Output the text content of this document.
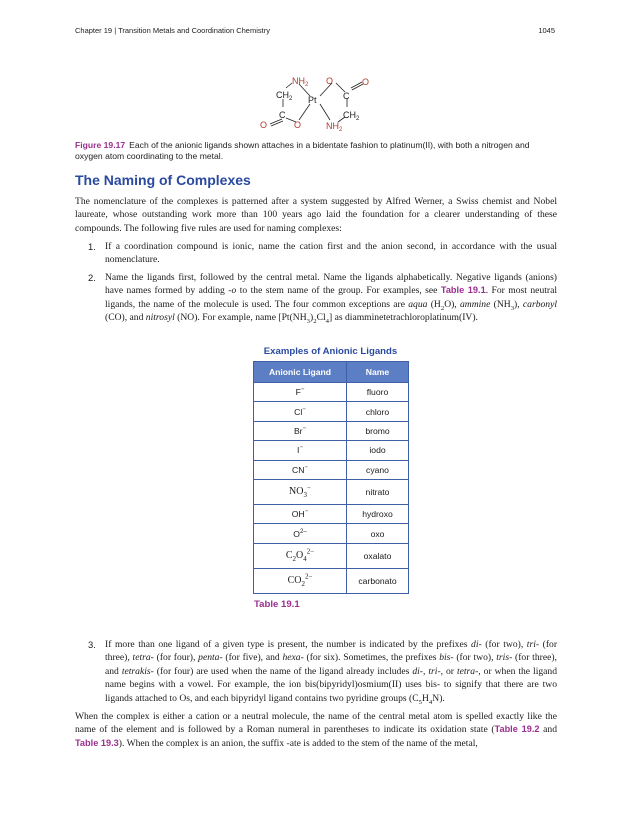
Chapter 19 | Transition Metals and Coordination Chemistry	1045
$NH_2$ O	O
$CH_2$ Pt	C
C
O	O
$CH_2$
$NH_2$
Figure 19.17 Each of the anionic ligands shown attaches in a bidentate fashion to platinum(II), with both a nitrogen and oxygen atom coordinating to the metal.
The Naming of Complexes
The nomenclature of the complexes is patterned after a system suggested by Alfred Werner, a Swiss chemist and Nobel laureate, whose outstanding work more than 100 years ago laid the foundation for a clearer understanding of these compounds. The following five rules are used for naming complexes:
1. If a coordination compound is ionic, name the cation first and the anion second, in accordance with the usual nomenclature.
2. Name the ligands first, followed by the central metal. Name the ligands alphabetically. Negative ligands (anions) have names formed by adding -o to the stem name of the group. For examples, see Table 19.1. For most neutral ligands, the name of the molecule is used. The four common exceptions are aqua $(H_2O)$, ammine $(NH_3)$, carbonyl (CO), and nitrosyl (NO). For example, name $[Pt(NH_3)_2Cl_4]$ as diamminetetrachloroplatinum(IV).
Examples of Anionic Ligands
Anionic Ligand	Name
F−	fluoro
Cl−	chloro
Br−	bromo
I−	iodo
CN−	cyano
$NO_3^-$	nitrato
OH−	hydroxo
$O^{2-}$	oxo
$C_2O_4^{2-}$	oxalato
$CO_2^{2-}$	carbonato
Table 19.1
3. If more than one ligand of a given type is present, the number is indicated by the prefixes di- (for two), tri- (for three), tetra- (for four), penta- (for five), and hexa- (for six). Sometimes, the prefixes bis- (for two), tris- (for three), and tetrakis- (for four) are used when the name of the ligand already includes di-, tri-, or tetra-, or when the ligand name begins with a vowel. For example, the ion bis(bipyridyl)osmium(II) uses bis- to signify that there are two ligands attached to Os, and each bipyridyl ligand contains two pyridine groups $(C_5H_4N)$.
When the complex is either a cation or a neutral molecule, the name of the central metal atom is spelled exactly like the name of the element and is followed by a Roman numeral in parentheses to indicate its oxidation state (Table 19.2 and Table 19.3). When the complex is an anion, the suffix -ate is added to the stem of the name of the metal,
